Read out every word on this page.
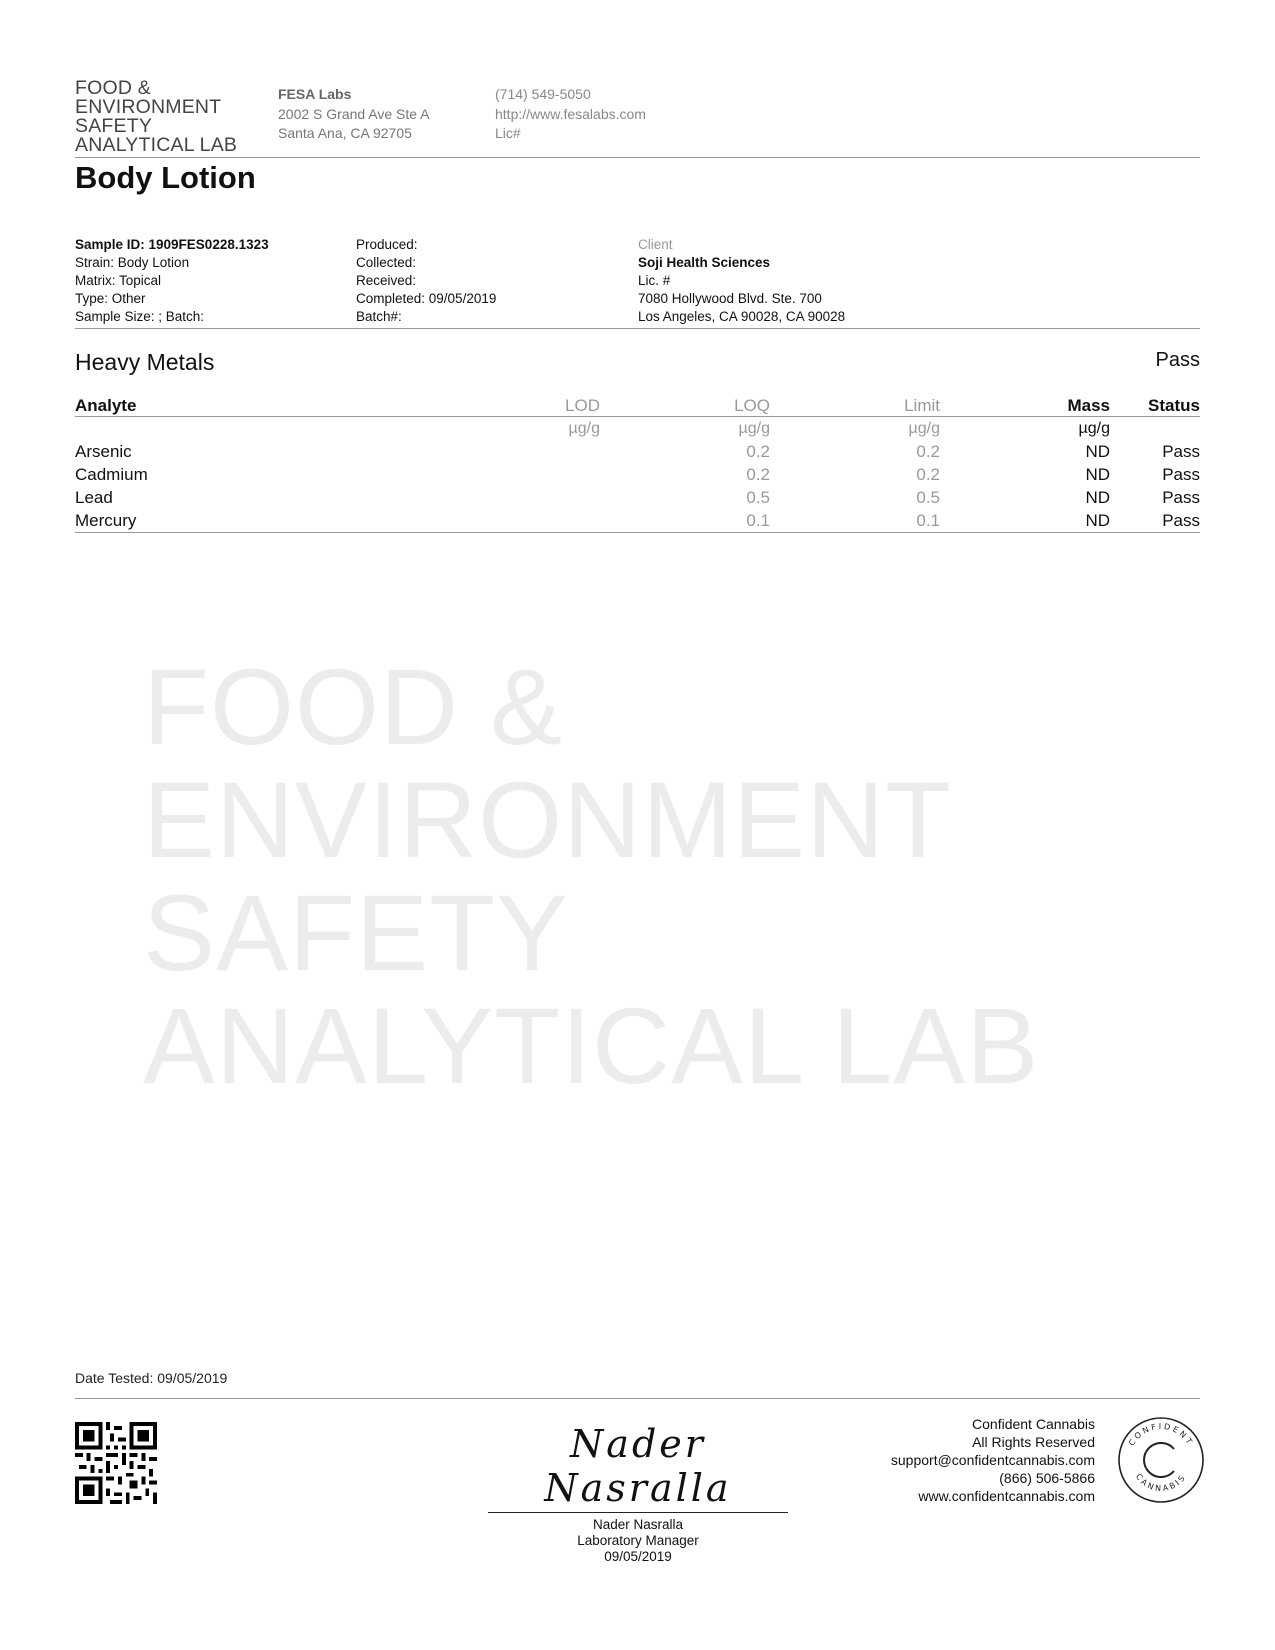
FOOD &
ENVIRONMENT
SAFETY
ANALYTICAL LAB
FESA Labs
2002 S Grand Ave Ste A
Santa Ana, CA 92705
(714) 549-5050
http://www.fesalabs.com
Lic#
Body Lotion
Sample ID: 1909FES0228.1323
Strain: Body Lotion
Matrix: Topical
Type: Other
Sample Size: ; Batch:
Produced:
Collected:
Received:
Completed: 09/05/2019
Batch#:
Client
Soji Health Sciences
Lic. #
7080 Hollywood Blvd. Ste. 700
Los Angeles, CA 90028, CA 90028
Heavy Metals	Pass
Analyte	LOD	LOQ	Limit	Mass	Status
	µg/g	µg/g	µg/g	µg/g	
Arsenic		0.2	0.2	ND	Pass
Cadmium		0.2	0.2	ND	Pass
Lead		0.5	0.5	ND	Pass
Mercury		0.1	0.1	ND	Pass
FOOD &
ENVIRONMENT
SAFETY
ANALYTICAL LAB
Date Tested: 09/05/2019
Nader Nasralla
Nader Nasralla
Laboratory Manager
09/05/2019
Confident Cannabis
All Rights Reserved
support@confidentcannabis.com
(866) 506-5866
www.confidentcannabis.com
CONFIDENT
CANNABIS
